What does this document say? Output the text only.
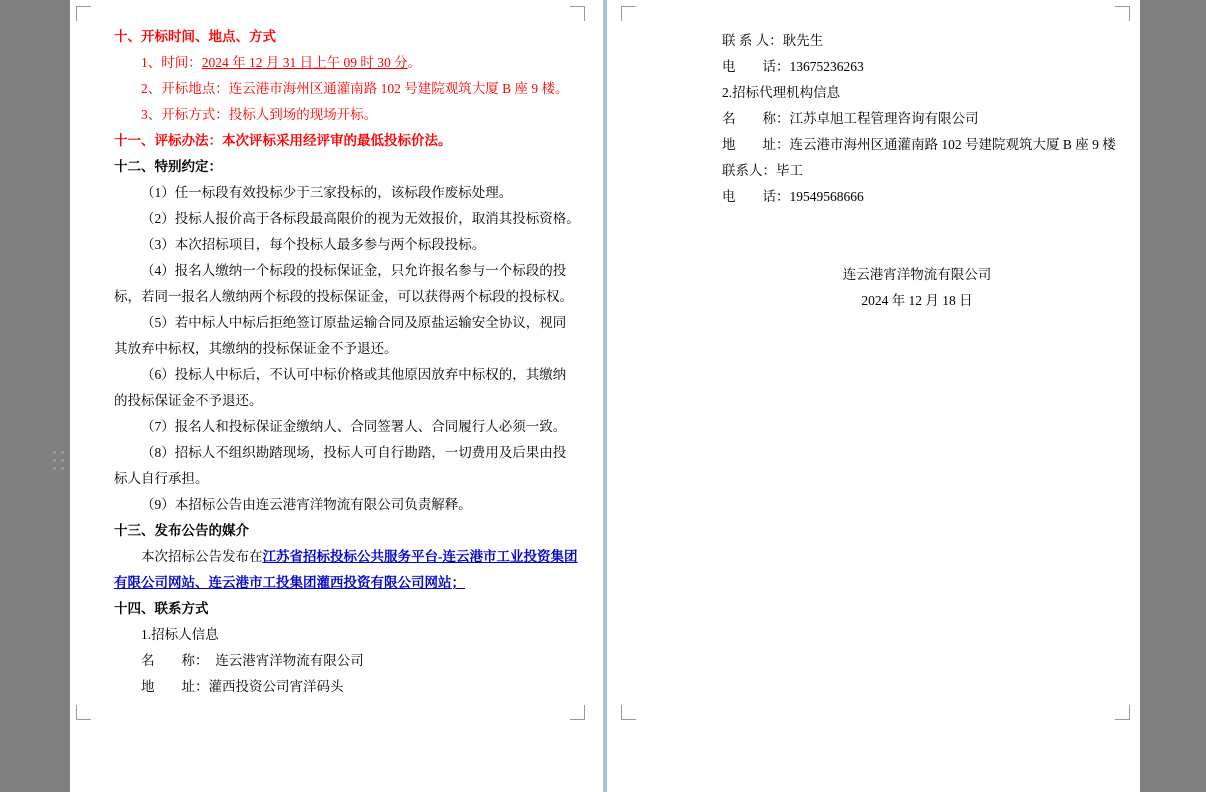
十、开标时间、地点、方式
1、时间：2024 年 12 月 31 日上午 09 时 30 分。
2、开标地点：连云港市海州区通灌南路 102 号建院观筑大厦 B 座 9 楼。
3、开标方式：投标人到场的现场开标。
十一、评标办法：本次评标采用经评审的最低投标价法。
十二、特别约定：
（1）任一标段有效投标少于三家投标的，该标段作废标处理。
（2）投标人报价高于各标段最高限价的视为无效报价，取消其投标资格。
（3）本次招标项目，每个投标人最多参与两个标段投标。
（4）报名人缴纳一个标段的投标保证金，只允许报名参与一个标段的投
标，若同一报名人缴纳两个标段的投标保证金，可以获得两个标段的投标权。
（5）若中标人中标后拒绝签订原盐运输合同及原盐运输安全协议，视同
其放弃中标权，其缴纳的投标保证金不予退还。
（6）投标人中标后，不认可中标价格或其他原因放弃中标权的，其缴纳
的投标保证金不予退还。
（7）报名人和投标保证金缴纳人、合同签署人、合同履行人必须一致。
（8）招标人不组织勘踏现场，投标人可自行勘踏，一切费用及后果由投
标人自行承担。
（9）本招标公告由连云港宵洋物流有限公司负责解释。
十三、发布公告的媒介
本次招标公告发布在江苏省招标投标公共服务平台-连云港市工业投资集团
有限公司网站、连云港市工投集团灌西投资有限公司网站；
十四、联系方式
1.招标人信息
名　　称：　连云港宵洋物流有限公司
地　　址：灌西投资公司宵洋码头
联 系 人：耿先生
电　　话：13675236263
2.招标代理机构信息
名　　称：江苏卓旭工程管理咨询有限公司
地　　址：连云港市海州区通灌南路 102 号建院观筑大厦 B 座 9 楼
联系人：毕工
电　　话：19549568666
连云港宵洋物流有限公司
2024 年 12 月 18 日
